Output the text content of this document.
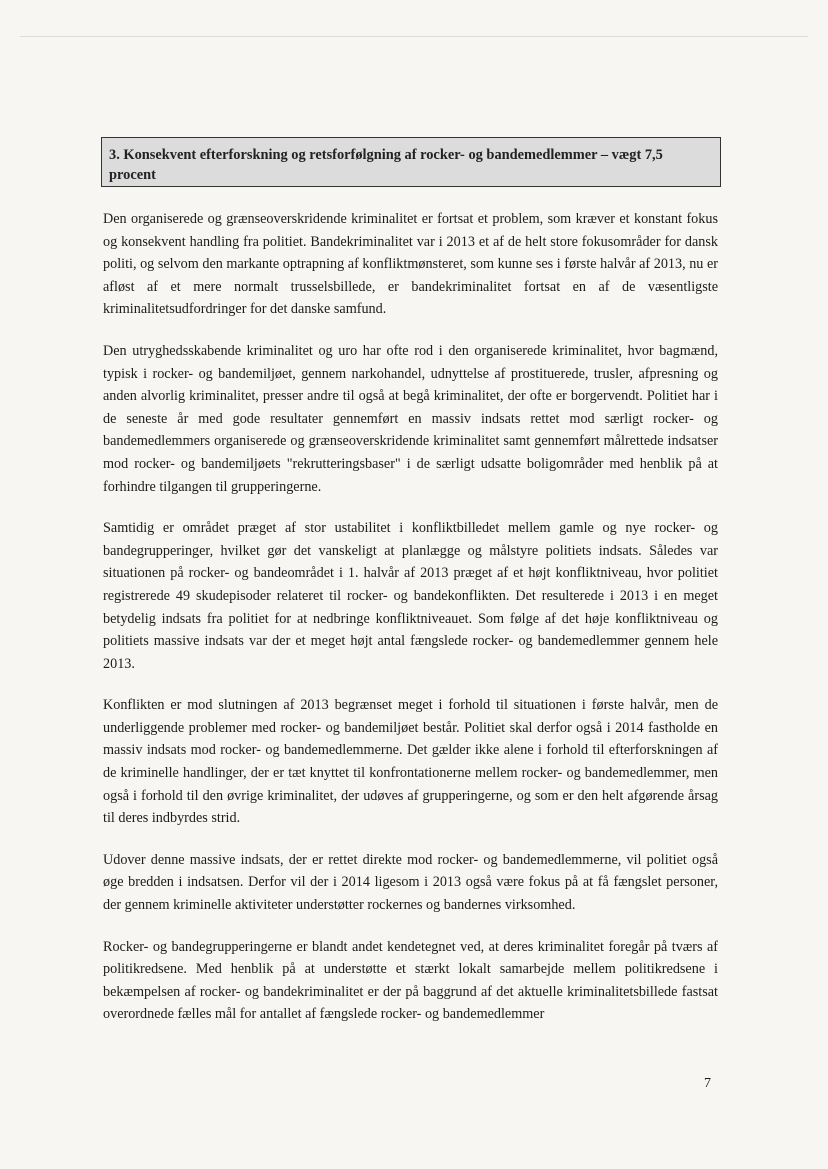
3. Konsekvent efterforskning og retsforfølgning af rocker- og bandemedlemmer – vægt 7,5 procent

Den organiserede og grænseoverskridende kriminalitet er fortsat et problem, som kræver et konstant fokus og konsekvent handling fra politiet. Bandekriminalitet var i 2013 et af de helt store fokusområder for dansk politi, og selvom den markante optrapning af konfliktmønsteret, som kunne ses i første halvår af 2013, nu er afløst af et mere normalt trusselsbillede, er bandekriminalitet fortsat en af de væsentligste kriminalitetsudfordringer for det danske samfund.

Den utryghedsskabende kriminalitet og uro har ofte rod i den organiserede kriminalitet, hvor bagmænd, typisk i rocker- og bandemiljøet, gennem narkohandel, udnyttelse af prostituerede, trusler, afpresning og anden alvorlig kriminalitet, presser andre til også at begå kriminalitet, der ofte er borgervendt. Politiet har i de seneste år med gode resultater gennemført en massiv indsats rettet mod særligt rocker- og bandemedlemmers organiserede og grænseoverskridende kriminalitet samt gennemført målrettede indsatser mod rocker- og bandemiljøets "rekrutteringsbaser" i de særligt udsatte boligområder med henblik på at forhindre tilgangen til grupperingerne.

Samtidig er området præget af stor ustabilitet i konfliktbilledet mellem gamle og nye rocker- og bandegrupperinger, hvilket gør det vanskeligt at planlægge og målstyre politiets indsats. Således var situationen på rocker- og bandeområdet i 1. halvår af 2013 præget af et højt konfliktniveau, hvor politiet registrerede 49 skudepisoder relateret til rocker- og bandekonflikten. Det resulterede i 2013 i en meget betydelig indsats fra politiet for at nedbringe konfliktniveauet. Som følge af det høje konfliktniveau og politiets massive indsats var der et meget højt antal fængslede rocker- og bandemedlemmer gennem hele 2013.

Konflikten er mod slutningen af 2013 begrænset meget i forhold til situationen i første halvår, men de underliggende problemer med rocker- og bandemiljøet består. Politiet skal derfor også i 2014 fastholde en massiv indsats mod rocker- og bandemedlemmerne. Det gælder ikke alene i forhold til efterforskningen af de kriminelle handlinger, der er tæt knyttet til konfrontationerne mellem rocker- og bandemedlemmer, men også i forhold til den øvrige kriminalitet, der udøves af grupperingerne, og som er den helt afgørende årsag til deres indbyrdes strid.

Udover denne massive indsats, der er rettet direkte mod rocker- og bandemedlemmerne, vil politiet også øge bredden i indsatsen. Derfor vil der i 2014 ligesom i 2013 også være fokus på at få fængslet personer, der gennem kriminelle aktiviteter understøtter rockernes og bandernes virksomhed.

Rocker- og bandegrupperingerne er blandt andet kendetegnet ved, at deres kriminalitet foregår på tværs af politikredsene. Med henblik på at understøtte et stærkt lokalt samarbejde mellem politikredsene i bekæmpelsen af rocker- og bandekriminalitet er der på baggrund af det aktuelle kriminalitetsbillede fastsat overordnede fælles mål for antallet af fængslede rocker- og bandemedlemmer

7
